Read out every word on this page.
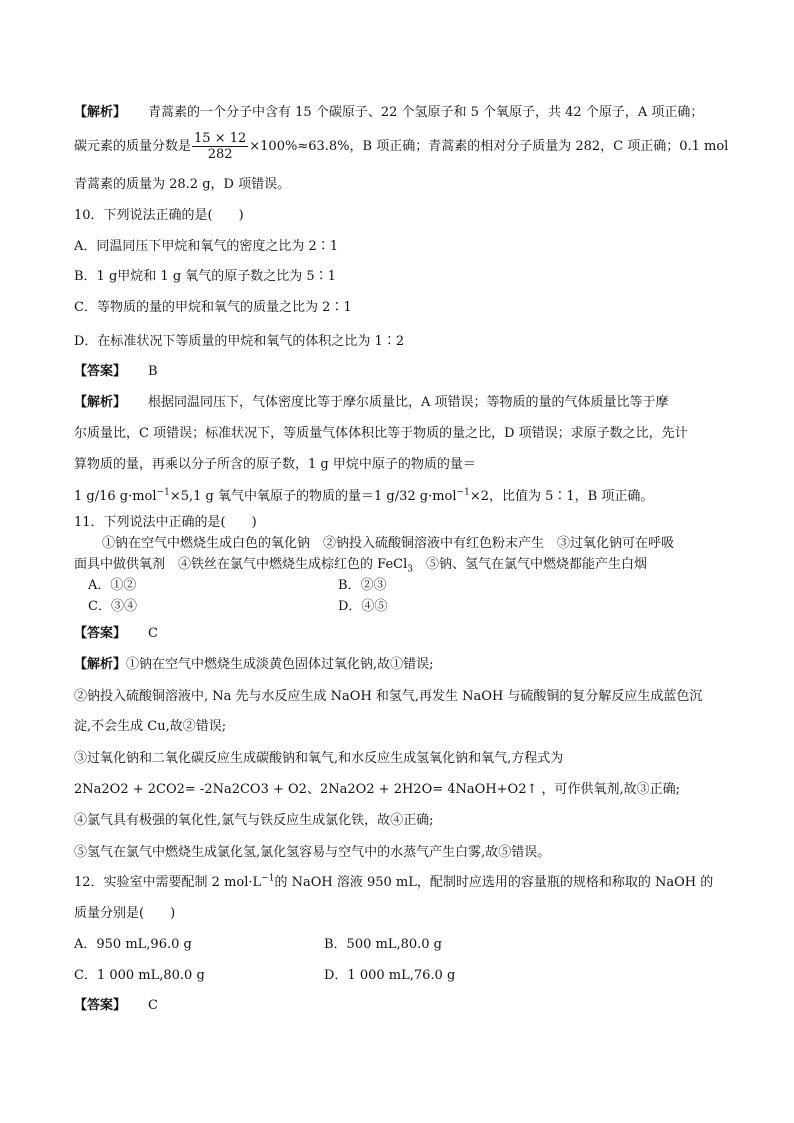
【解析】 青蒿素的一个分子中含有 15 个碳原子、22 个氢原子和 5 个氧原子，共 42 个原子，A 项正确；
碳元素的质量分数是 $\frac{15 \times 12}{282} \times 100\%\approx 63.8\%$，B 项正确；青蒿素的相对分子质量为 282，C 项正确；0.1 mol
青蒿素的质量为 28.2 g，D 项错误。
10．下列说法正确的是(　　)
A．同温同压下甲烷和氧气的密度之比为 2∶1
B．1 g甲烷和 1 g 氧气的原子数之比为 5∶1
C．等物质的量的甲烷和氧气的质量之比为 2∶1
D．在标准状况下等质量的甲烷和氧气的体积之比为 1∶2
【答案】 B
【解析】 根据同温同压下，气体密度比等于摩尔质量比，A 项错误；等物质的量的气体质量比等于摩
尔质量比，C 项错误；标准状况下，等质量气体体积比等于物质的量之比，D 项错误；求原子数之比，先计
算物质的量，再乘以分子所含的原子数，1 g 甲烷中原子的物质的量＝
1 g/16 g·mol$^{-1}$×5,1 g 氧气中氧原子的物质的量＝1 g/32 g·mol$^{-1}$×2，比值为 5∶1，B 项正确。
11．下列说法中正确的是(　　)
①钠在空气中燃烧生成白色的氧化钠　②钠投入硫酸铜溶液中有红色粉末产生　③过氧化钠可在呼吸
面具中做供氧剂　④铁丝在氯气中燃烧生成棕红色的 FeCl$_3$　⑤钠、氢气在氯气中燃烧都能产生白烟
A．①②	B．②③
C．③④	D．④⑤
【答案】 C
【解析】①钠在空气中燃烧生成淡黄色固体过氧化钠,故①错误;
②钠投入硫酸铜溶液中, Na 先与水反应生成 NaOH 和氢气,再发生 NaOH 与硫酸铜的复分解反应生成蓝色沉
淀,不会生成 Cu,故②错误;
③过氧化钠和二氧化碳反应生成碳酸钠和氧气,和水反应生成氢氧化钠和氧气,方程式为
2Na2O2 + 2CO2= -2Na2CO3 + O2、2Na2O2 + 2H2O= 4NaOH+O2↑ ，可作供氧剂,故③正确;
④氯气具有极强的氧化性,氯气与铁反应生成氯化铁，故④正确;
⑤氢气在氯气中燃烧生成氯化氢,氯化氢容易与空气中的水蒸气产生白雾,故⑤错误。
12．实验室中需要配制 2 $mol\cdot L^{-1}$的 NaOH 溶液 950 mL，配制时应选用的容量瓶的规格和称取的 NaOH 的
质量分别是(　　)
A．950 mL,96.0 g	B．500 mL,80.0 g
C．1 000 mL,80.0 g	D．1 000 mL,76.0 g
【答案】 C
